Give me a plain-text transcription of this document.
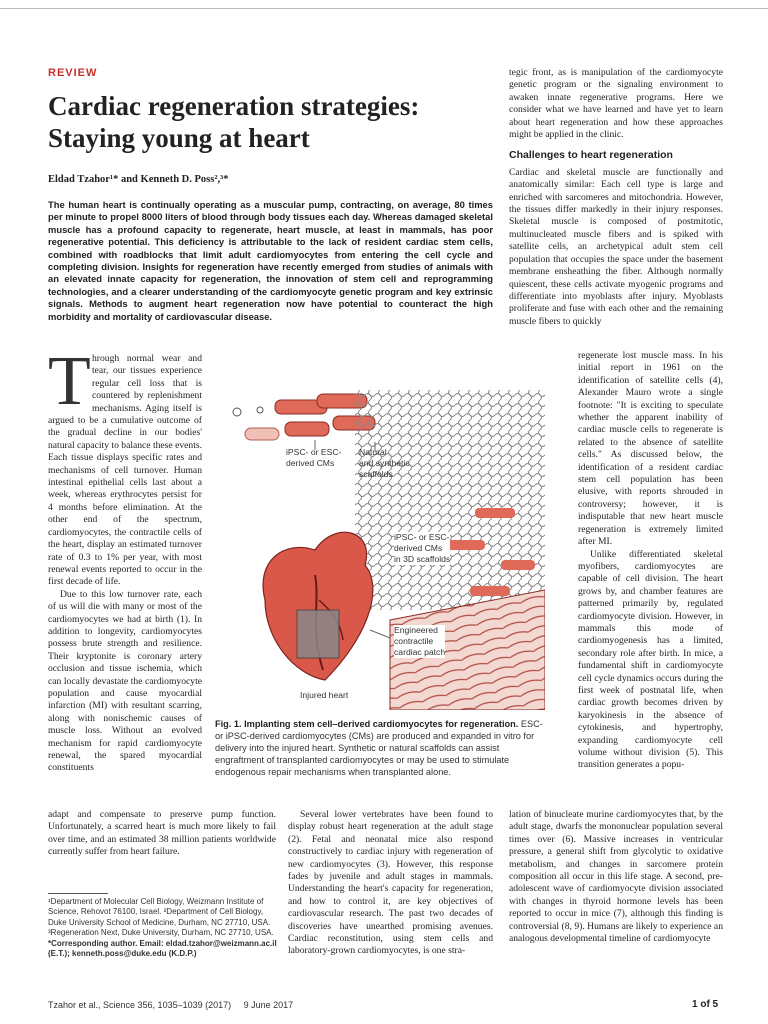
REVIEW
Cardiac regeneration strategies:
Staying young at heart
Eldad Tzahor¹* and Kenneth D. Poss²,³*
The human heart is continually operating as a muscular pump, contracting, on average, 80 times per minute to propel 8000 liters of blood through body tissues each day. Whereas damaged skeletal muscle has a profound capacity to regenerate, heart muscle, at least in mammals, has poor regenerative potential. This deficiency is attributable to the lack of resident cardiac stem cells, combined with roadblocks that limit adult cardiomyocytes from entering the cell cycle and completing division. Insights for regeneration have recently emerged from studies of animals with an elevated innate capacity for regeneration, the innovation of stem cell and reprogramming technologies, and a clearer understanding of the cardiomyocyte genetic program and key extrinsic signals. Methods to augment heart regeneration now have potential to counteract the high morbidity and mortality of cardiovascular disease.
T hrough normal wear and tear, our tissues experience regular cell loss that is countered by replenishment mechanisms. Aging itself is argued to be a cumulative outcome of the gradual decline in our bodies' natural capacity to balance these events. Each tissue displays specific rates and mechanisms of cell turnover. Human intestinal epithelial cells last about a week, whereas erythrocytes persist for 4 months before elimination. At the other end of the spectrum, cardiomyocytes, the contractile cells of the heart, display an estimated turnover rate of 0.3 to 1% per year, with most renewal events reported to occur in the first decade of life.

Due to this low turnover rate, each of us will die with many or most of the cardiomyocytes we had at birth (1). In addition to longevity, cardiomyocytes possess brute strength and resilience. Their kryptonite is coronary artery occlusion and tissue ischemia, which can locally devastate the cardiomyocyte population and cause myocardial infarction (MI) with resultant scarring, along with nonischemic causes of muscle loss. Without an evolved mechanism for rapid cardiomyocyte renewal, the spared myocardial constituents

adapt and compensate to preserve pump function. Unfortunately, a scarred heart is much more likely to fail over time, and an estimated 38 million patients worldwide currently suffer from heart failure.

iPSC- or ESC-
derived CMs
Natural
and synthetic
scaffolds
iPSC- or ESC-
derived CMs
in 3D scaffolds
Engineered
contractile
cardiac patch
Injured heart
Fig. 1. Implanting stem cell–derived cardiomyocytes for regeneration. ESC- or iPSC-derived cardiomyocytes (CMs) are produced and expanded in vitro for delivery into the injured heart. Synthetic or natural scaffolds can assist engraftment of transplanted cardiomyocytes or may be used to stimulate endogenous repair mechanisms when transplanted alone.

Several lower vertebrates have been found to display robust heart regeneration at the adult stage (2). Fetal and neonatal mice also respond constructively to cardiac injury with regeneration of new cardiomyocytes (3). However, this response fades by juvenile and adult stages in mammals. Understanding the heart's capacity for regeneration, and how to control it, are key objectives of cardiovascular research. The past two decades of discoveries have unearthed promising avenues. Cardiac reconstitution, using stem cells and laboratory-grown cardiomyocytes, is one stra-

tegic front, as is manipulation of the cardiomyocyte genetic program or the signaling environment to awaken innate regenerative programs. Here we consider what we have learned and have yet to learn about heart regeneration and how these approaches might be applied in the clinic.

Challenges to heart regeneration

Cardiac and skeletal muscle are functionally and anatomically similar: Each cell type is large and enriched with sarcomeres and mitochondria. However, the tissues differ markedly in their injury responses. Skeletal muscle is composed of postmitotic, multinucleated muscle fibers and is spiked with satellite cells, an archetypical adult stem cell population that occupies the space under the basement membrane ensheathing the fiber. Although normally quiescent, these cells activate myogenic programs and differentiate into myoblasts after injury. Myoblasts proliferate and fuse with each other and the remaining muscle fibers to quickly

regenerate lost muscle mass. In his initial report in 1961 on the identification of satellite cells (4), Alexander Mauro wrote a single footnote: "It is exciting to speculate whether the apparent inability of cardiac muscle cells to regenerate is related to the absence of satellite cells." As discussed below, the identification of a resident cardiac stem cell population has been elusive, with reports shrouded in controversy; however, it is indisputable that new heart muscle regeneration is extremely limited after MI.

Unlike differentiated skeletal myofibers, cardiomyocytes are capable of cell division. The heart grows by, and chamber features are patterned primarily by, regulated cardiomyocyte division. However, in mammals this mode of cardiomyogenesis has a limited, secondary role after birth. In mice, a fundamental shift in cardiomyocyte cell cycle dynamics occurs during the first week of postnatal life, when cardiac growth becomes driven by karyokinesis in the absence of cytokinesis, and hypertrophy, expanding cardiomyocyte cell volume without division (5). This transition generates a popu-

lation of binucleate murine cardiomyocytes that, by the adult stage, dwarfs the mononuclear population several times over (6). Massive increases in ventricular pressure, a general shift from glycolytic to oxidative metabolism, and changes in sarcomere protein composition all occur in this life stage. A second, pre-adolescent wave of cardiomyocyte division associated with changes in thyroid hormone levels has been reported to occur in mice (7), although this finding is controversial (8, 9). Humans are likely to experience an analogous developmental timeline of cardiomyocyte

¹Department of Molecular Cell Biology, Weizmann Institute of Science, Rehovot 76100, Israel. ²Department of Cell Biology, Duke University School of Medicine, Durham, NC 27710, USA. ³Regeneration Next, Duke University, Durham, NC 27710, USA.
*Corresponding author. Email: eldad.tzahor@weizmann.ac.il (E.T.); kenneth.poss@duke.edu (K.D.P.)
Tzahor et al., Science 356, 1035–1039 (2017)     9 June 2017	1 of 5
